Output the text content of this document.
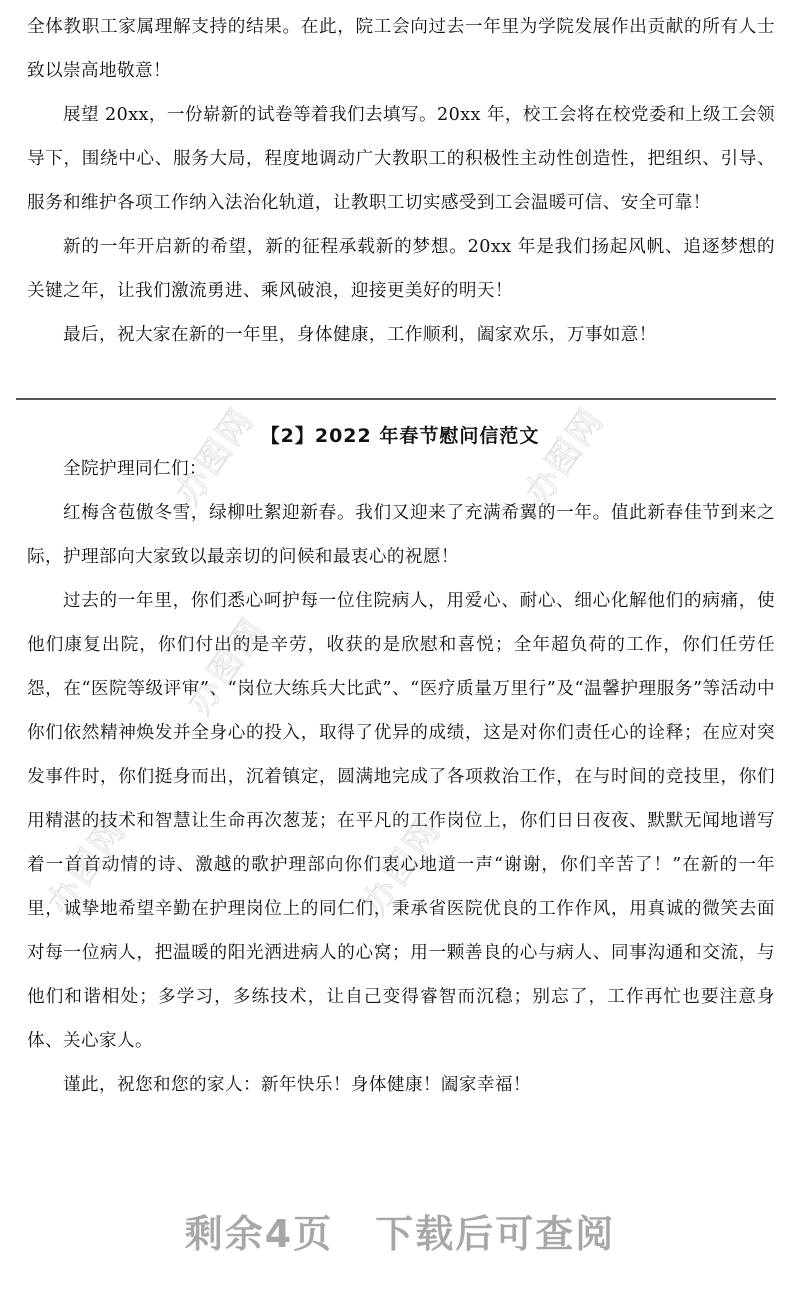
办图网	办图网
办图网
办图网	办图网

全体教职工家属理解支持的结果。在此，院工会向过去一年里为学院发展作出贡献的所有人士致以崇高地敬意！

展望 20xx，一份崭新的试卷等着我们去填写。20xx 年，校工会将在校党委和上级工会领导下，围绕中心、服务大局，程度地调动广大教职工的积极性主动性创造性，把组织、引导、服务和维护各项工作纳入法治化轨道，让教职工切实感受到工会温暖可信、安全可靠！

新的一年开启新的希望，新的征程承载新的梦想。20xx 年是我们扬起风帆、追逐梦想的关键之年，让我们激流勇进、乘风破浪，迎接更美好的明天！

最后，祝大家在新的一年里，身体健康，工作顺利，阖家欢乐，万事如意！

【2】2022 年春节慰问信范文

全院护理同仁们：

红梅含苞傲冬雪，绿柳吐絮迎新春。我们又迎来了充满希翼的一年。值此新春佳节到来之际，护理部向大家致以最亲切的问候和最衷心的祝愿！

过去的一年里，你们悉心呵护每一位住院病人，用爱心、耐心、细心化解他们的病痛，使他们康复出院，你们付出的是辛劳，收获的是欣慰和喜悦；全年超负荷的工作，你们任劳任怨，在“医院等级评审”、“岗位大练兵大比武”、“医疗质量万里行”及“温馨护理服务”等活动中你们依然精神焕发并全身心的投入，取得了优异的成绩，这是对你们责任心的诠释；在应对突发事件时，你们挺身而出，沉着镇定，圆满地完成了各项救治工作，在与时间的竞技里，你们用精湛的技术和智慧让生命再次葱茏；在平凡的工作岗位上，你们日日夜夜、默默无闻地谱写着一首首动情的诗、激越的歌护理部向你们衷心地道一声“谢谢，你们辛苦了！”在新的一年里，诚挚地希望辛勤在护理岗位上的同仁们，秉承省医院优良的工作作风，用真诚的微笑去面对每一位病人，把温暖的阳光洒进病人的心窝；用一颗善良的心与病人、同事沟通和交流，与他们和谐相处；多学习，多练技术，让自己变得睿智而沉稳；别忘了，工作再忙也要注意身体、关心家人。

谨此，祝您和您的家人：新年快乐！身体健康！阖家幸福！

剩余4页 下载后可查阅
